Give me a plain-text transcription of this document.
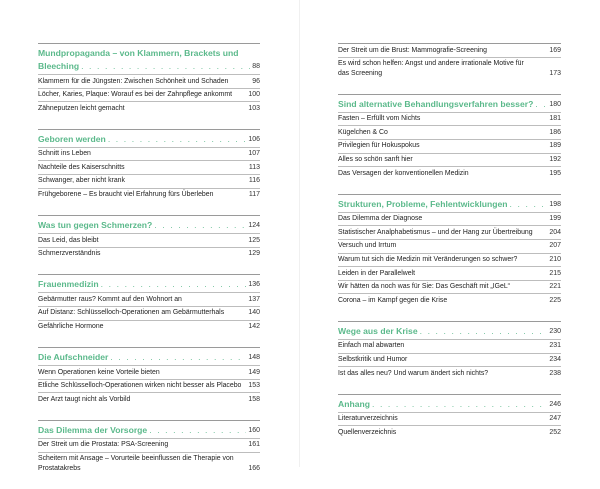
Mundpropaganda – von Klammern, Brackets und
Bleeching . . .	88
Klammern für die Jüngsten: Zwischen Schönheit und Schaden	96
Löcher, Karies, Plaque: Worauf es bei der Zahnpflege ankommt	100
Zähneputzen leicht gemacht	103
Geboren werden . . .	106
Schnitt ins Leben	107
Nachteile des Kaiserschnitts	113
Schwanger, aber nicht krank	116
Frühgeborene – Es braucht viel Erfahrung fürs Überleben	117
Was tun gegen Schmerzen? . . .	124
Das Leid, das bleibt	125
Schmerzverständnis	129
Frauenmedizin . . .	136
Gebärmutter raus? Kommt auf den Wohnort an	137
Auf Distanz: Schlüsselloch-Operationen am Gebärmutterhals	140
Gefährliche Hormone	142
Die Aufschneider . . .	148
Wenn Operationen keine Vorteile bieten	149
Etliche Schlüsselloch-Operationen wirken nicht besser als Placebo 153
Der Arzt taugt nicht als Vorbild	158
Das Dilemma der Vorsorge . . .	160
Der Streit um die Prostata: PSA-Screening	161
Scheitern mit Ansage – Vorurteile beeinflussen die Therapie von
Prostatakrebs	166
Der Streit um die Brust: Mammografie-Screening	169
Es wird schon helfen: Angst und andere irrationale Motive für
das Screening	173
Sind alternative Behandlungsverfahren besser? . . . 180
Fasten – Erfüllt vom Nichts	181
Kügelchen & Co	186
Privilegien für Hokuspokus	189
Alles so schön sanft hier	192
Das Versagen der konventionellen Medizin	195
Strukturen, Probleme, Fehlentwicklungen . . .	198
Das Dilemma der Diagnose	199
Statistischer Analphabetismus – und der Hang zur Übertreibung	204
Versuch und Irrtum	207
Warum tut sich die Medizin mit Veränderungen so schwer?	210
Leiden in der Parallelwelt	215
Wir hätten da noch was für Sie: Das Geschäft mit „IGeL“	221
Corona – im Kampf gegen die Krise	225
Wege aus der Krise . . .	230
Einfach mal abwarten	231
Selbstkritik und Humor	234
Ist das alles neu? Und warum ändert sich nichts?	238
Anhang . . .	246
Literaturverzeichnis	247
Quellenverzeichnis	252
